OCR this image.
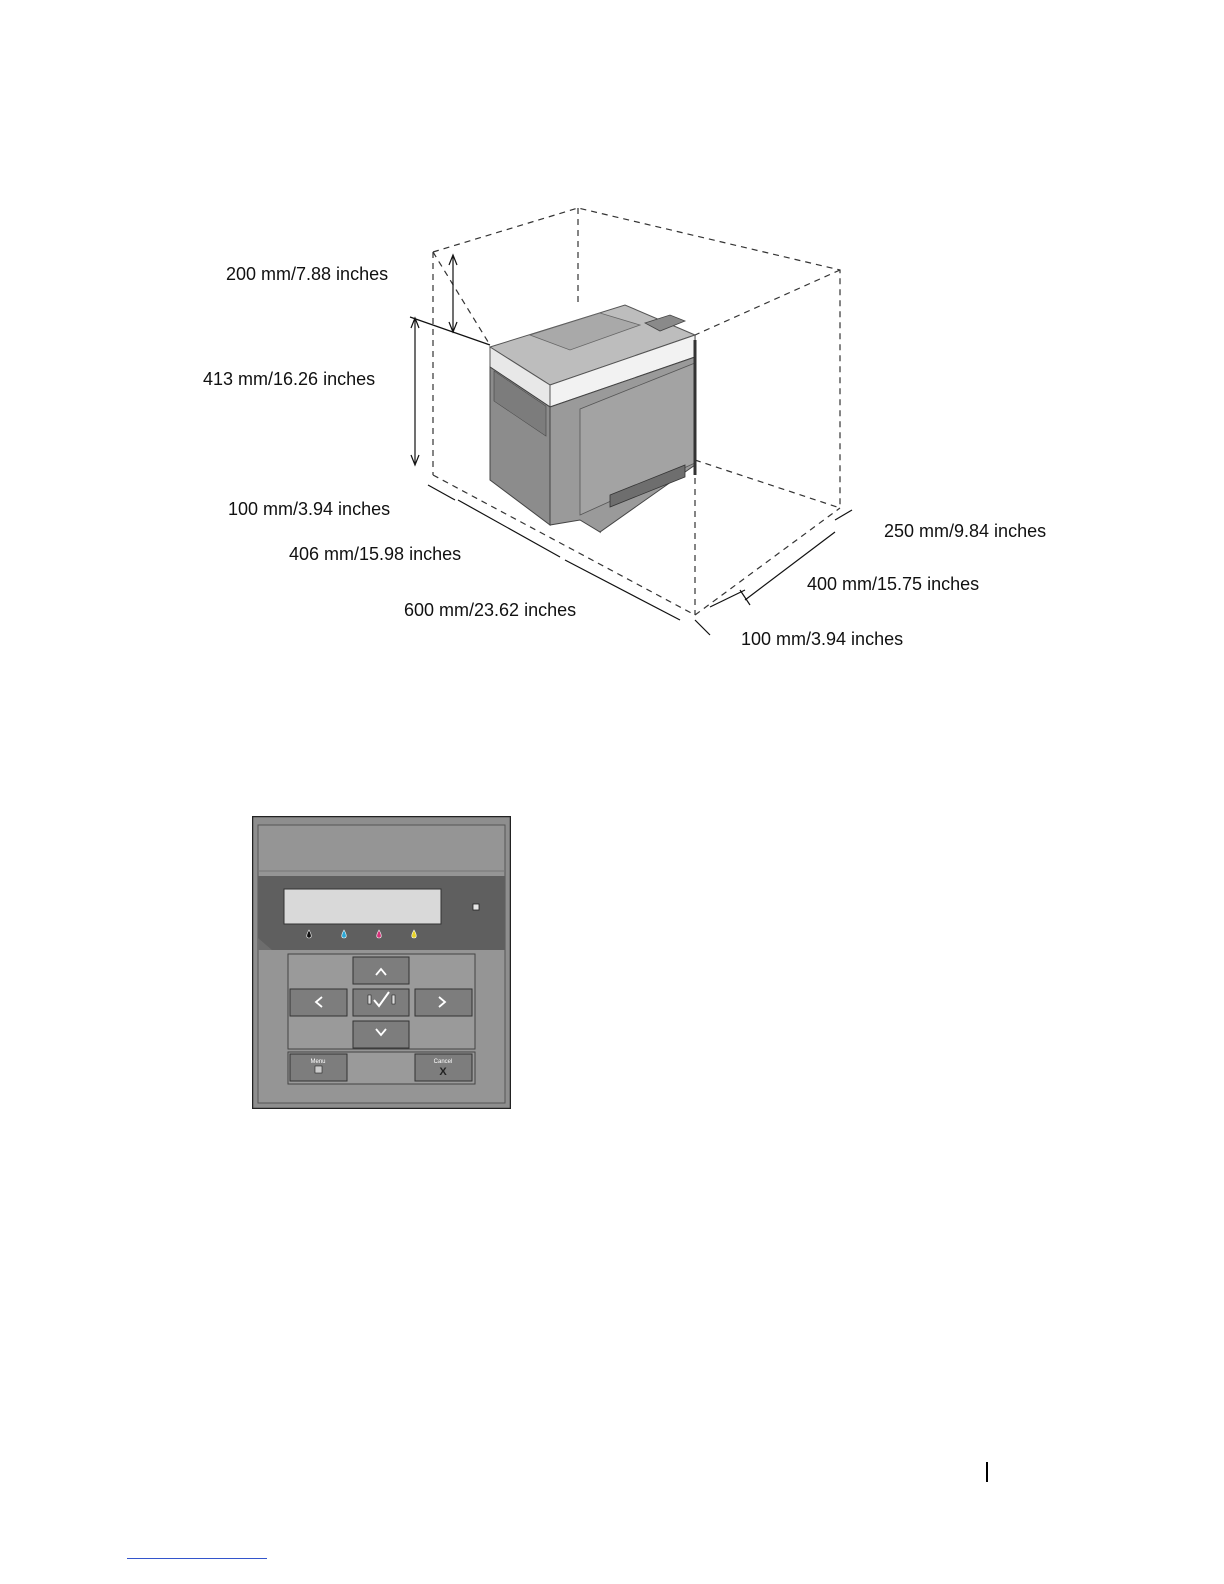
200 mm/7.88 inches
413 mm/16.26 inches
100 mm/3.94 inches
406 mm/15.98 inches
600 mm/23.62 inches
250 mm/9.84 inches
400 mm/15.75 inches
100 mm/3.94 inches
Menu	Cancel
X
